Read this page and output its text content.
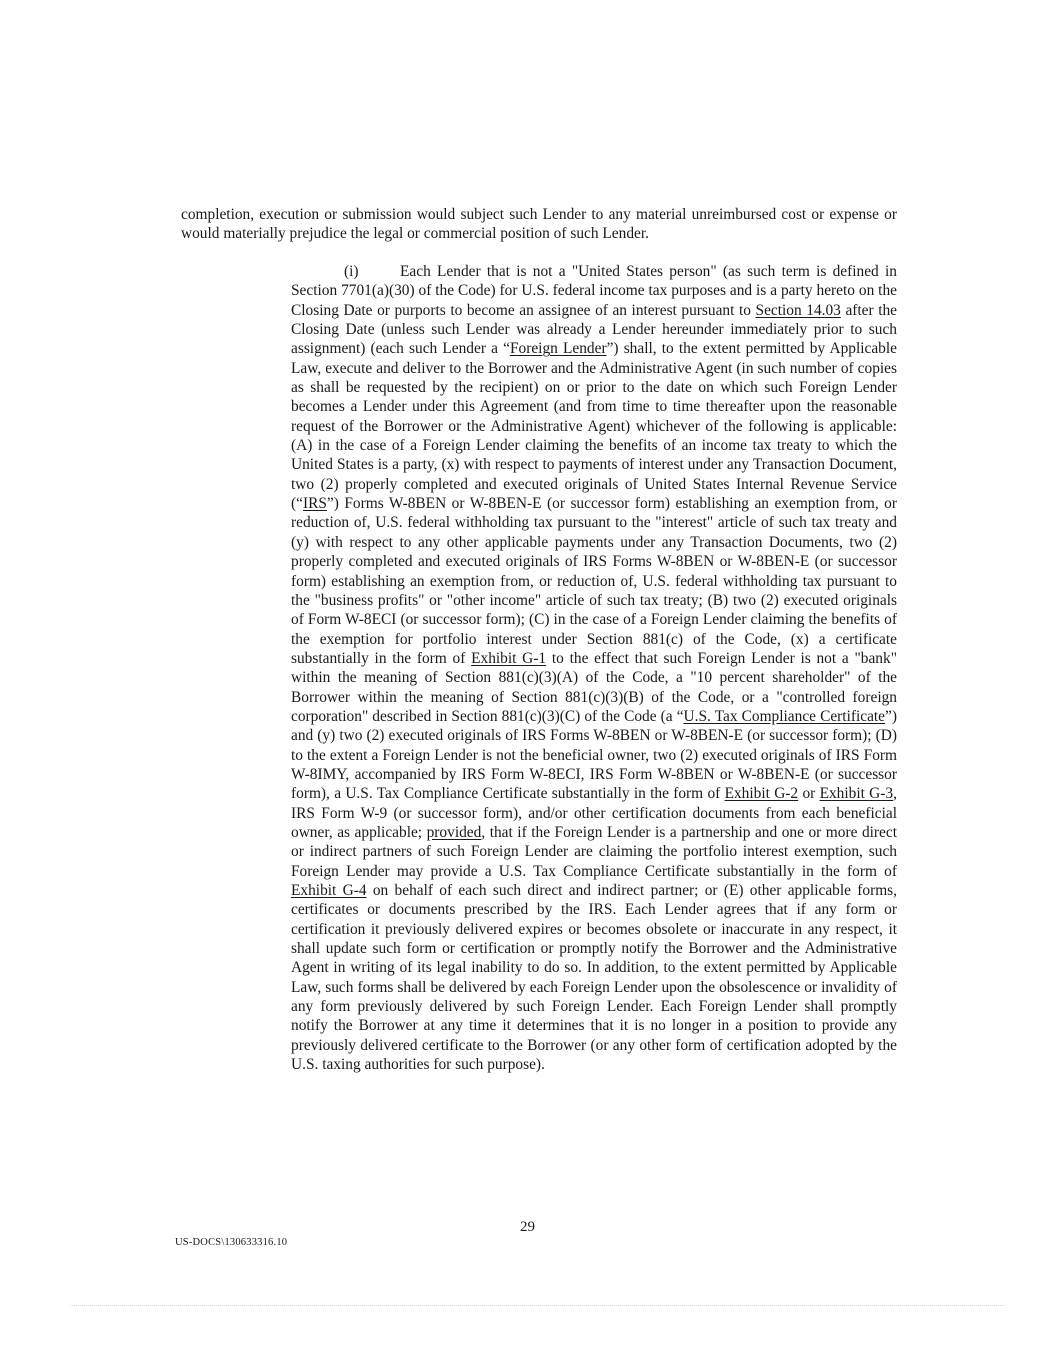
completion, execution or submission would subject such Lender to any material unreimbursed cost or expense or would materially prejudice the legal or commercial position of such Lender.

(i)	Each Lender that is not a "United States person" (as such term is defined in Section 7701(a)(30) of the Code) for U.S. federal income tax purposes and is a party hereto on the Closing Date or purports to become an assignee of an interest pursuant to Section 14.03 after the Closing Date (unless such Lender was already a Lender hereunder immediately prior to such assignment) (each such Lender a “Foreign Lender”) shall, to the extent permitted by Applicable Law, execute and deliver to the Borrower and the Administrative Agent (in such number of copies as shall be requested by the recipient) on or prior to the date on which such Foreign Lender becomes a Lender under this Agreement (and from time to time thereafter upon the reasonable request of the Borrower or the Administrative Agent) whichever of the following is applicable: (A) in the case of a Foreign Lender claiming the benefits of an income tax treaty to which the United States is a party, (x) with respect to payments of interest under any Transaction Document, two (2) properly completed and executed originals of United States Internal Revenue Service (“IRS”) Forms W-8BEN or W-8BEN-E (or successor form) establishing an exemption from, or reduction of, U.S. federal withholding tax pursuant to the "interest" article of such tax treaty and (y) with respect to any other applicable payments under any Transaction Documents, two (2) properly completed and executed originals of IRS Forms W-8BEN or W-8BEN-E (or successor form) establishing an exemption from, or reduction of, U.S. federal withholding tax pursuant to the "business profits" or "other income" article of such tax treaty; (B) two (2) executed originals of Form W-8ECI (or successor form); (C) in the case of a Foreign Lender claiming the benefits of the exemption for portfolio interest under Section 881(c) of the Code, (x) a certificate substantially in the form of Exhibit G-1 to the effect that such Foreign Lender is not a "bank" within the meaning of Section 881(c)(3)(A) of the Code, a "10 percent shareholder" of the Borrower within the meaning of Section 881(c)(3)(B) of the Code, or a "controlled foreign corporation" described in Section 881(c)(3)(C) of the Code (a “U.S. Tax Compliance Certificate”) and (y) two (2) executed originals of IRS Forms W-8BEN or W-8BEN-E (or successor form); (D) to the extent a Foreign Lender is not the beneficial owner, two (2) executed originals of IRS Form W-8IMY, accompanied by IRS Form W-8ECI, IRS Form W-8BEN or W-8BEN-E (or successor form), a U.S. Tax Compliance Certificate substantially in the form of Exhibit G-2 or Exhibit G-3, IRS Form W-9 (or successor form), and/or other certification documents from each beneficial owner, as applicable; provided, that if the Foreign Lender is a partnership and one or more direct or indirect partners of such Foreign Lender are claiming the portfolio interest exemption, such Foreign Lender may provide a U.S. Tax Compliance Certificate substantially in the form of Exhibit G-4 on behalf of each such direct and indirect partner; or (E) other applicable forms, certificates or documents prescribed by the IRS. Each Lender agrees that if any form or certification it previously delivered expires or becomes obsolete or inaccurate in any respect, it shall update such form or certification or promptly notify the Borrower and the Administrative Agent in writing of its legal inability to do so. In addition, to the extent permitted by Applicable Law, such forms shall be delivered by each Foreign Lender upon the obsolescence or invalidity of any form previously delivered by such Foreign Lender. Each Foreign Lender shall promptly notify the Borrower at any time it determines that it is no longer in a position to provide any previously delivered certificate to the Borrower (or any other form of certification adopted by the U.S. taxing authorities for such purpose).

29

US-DOCS\130633316.10
